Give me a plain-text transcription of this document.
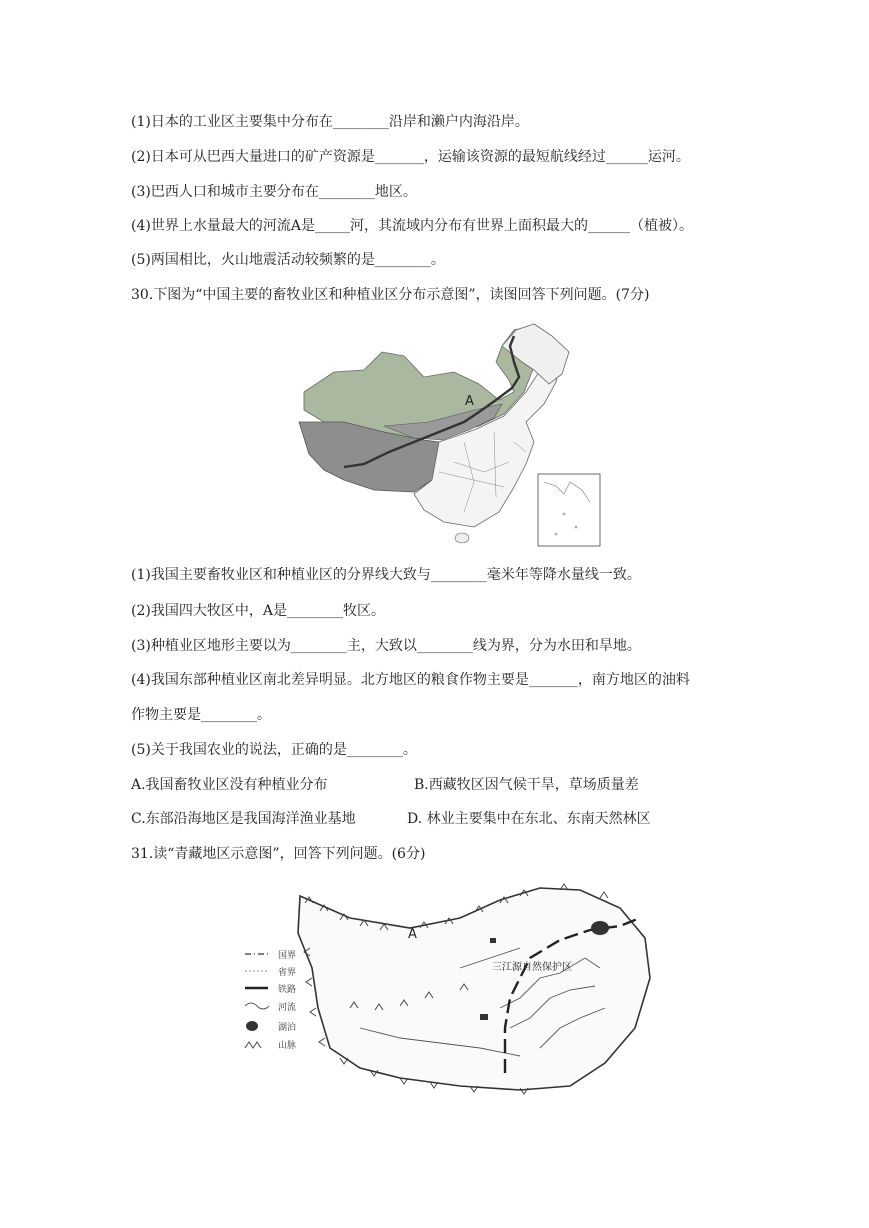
(1)日本的工业区主要集中分布在________沿岸和濑户内海沿岸。
(2)日本可从巴西大量进口的矿产资源是_______，运输该资源的最短航线经过______运河。
(3)巴西人口和城市主要分布在________地区。
(4)世界上水量最大的河流A是_____河，其流域内分布有世界上面积最大的______（植被）。
(5)两国相比，火山地震活动较频繁的是________。
30.下图为“中国主要的畜牧业区和种植业区分布示意图”，读图回答下列问题。(7分)
A
(1)我国主要畜牧业区和种植业区的分界线大致与________毫米年等降水量线一致。
(2)我国四大牧区中，A是________牧区。
(3)种植业区地形主要以为________主，大致以________线为界，分为水田和旱地。
(4)我国东部种植业区南北差异明显。北方地区的粮食作物主要是_______，南方地区的油料
作物主要是________。
(5)关于我国农业的说法，正确的是________。
A.我国畜牧业区没有种植业分布	B.西藏牧区因气候干旱，草场质量差
C.东部沿海地区是我国海洋渔业基地	D. 林业主要集中在东北、东南天然林区
31.读“青藏地区示意图”，回答下列问题。(6分)
A
三江源自然保护区
国界
省界
铁路
河流
湖泊
山脉
